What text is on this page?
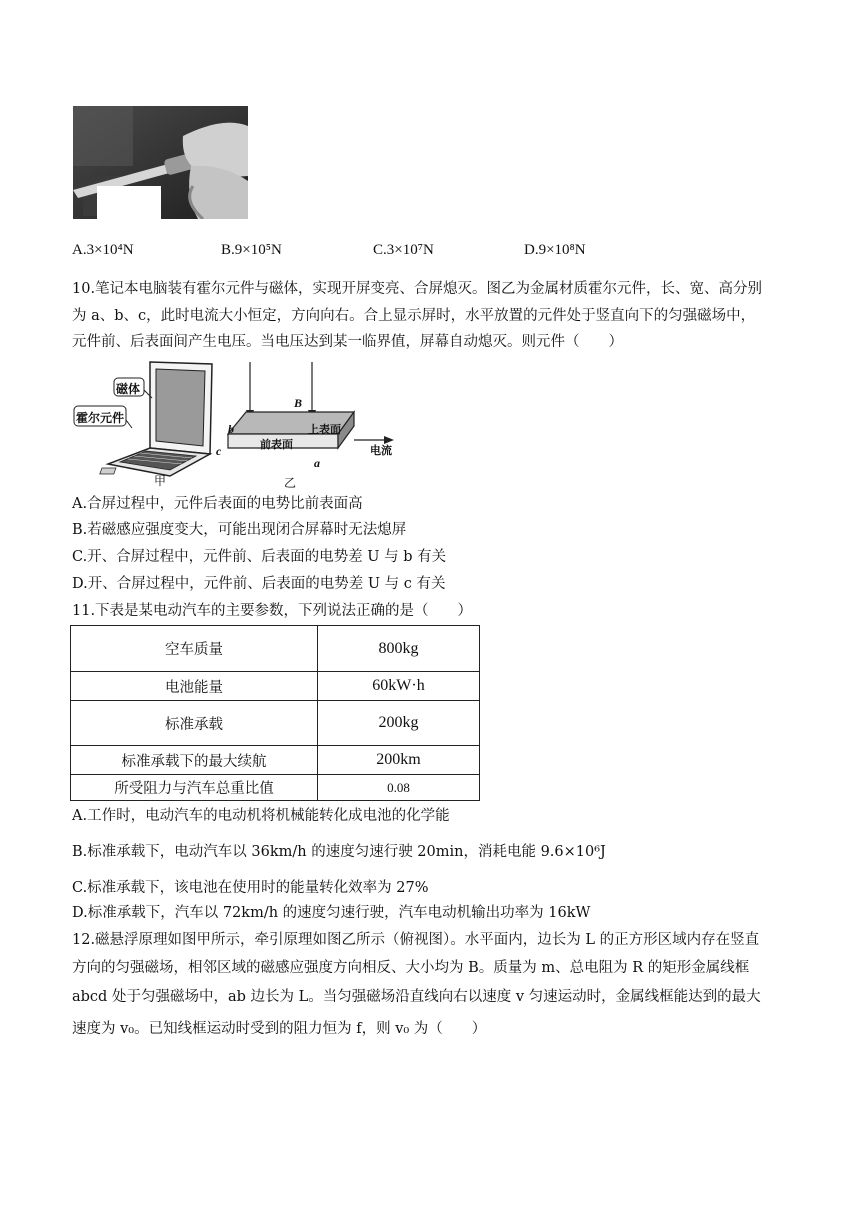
A.3×10⁴N	B.9×10⁵N	C.3×10⁷N	D.9×10⁸N
10.笔记本电脑装有霍尔元件与磁体，实现开屏变亮、合屏熄灭。图乙为金属材质霍尔元件，长、宽、高分别
为 a、b、c，此时电流大小恒定，方向向右。合上显示屏时，水平放置的元件处于竖直向下的匀强磁场中，
元件前、后表面间产生电压。当电压达到某一临界值，屏幕自动熄灭。则元件（　　）
磁体
霍尔元件
甲
B
b
c
a
上表面
前表面	电流
乙
A.合屏过程中，元件后表面的电势比前表面高
B.若磁感应强度变大，可能出现闭合屏幕时无法熄屏
C.开、合屏过程中，元件前、后表面的电势差 U 与 b 有关
D.开、合屏过程中，元件前、后表面的电势差 U 与 c 有关
11.下表是某电动汽车的主要参数，下列说法正确的是（　　）
空车质量	800kg
电池能量	60kW·h
标准承载	200kg
标准承载下的最大续航	200km
所受阻力与汽车总重比值	0.08
A.工作时，电动汽车的电动机将机械能转化成电池的化学能
B.标准承载下，电动汽车以 36km/h 的速度匀速行驶 20min，消耗电能 9.6×10⁶J
C.标准承载下，该电池在使用时的能量转化效率为 27%
D.标准承载下，汽车以 72km/h 的速度匀速行驶，汽车电动机输出功率为 16kW
12.磁悬浮原理如图甲所示，牵引原理如图乙所示（俯视图）。水平面内，边长为 L 的正方形区域内存在竖直
方向的匀强磁场，相邻区域的磁感应强度方向相反、大小均为 B。质量为 m、总电阻为 R 的矩形金属线框
abcd 处于匀强磁场中，ab 边长为 L。当匀强磁场沿直线向右以速度 v 匀速运动时，金属线框能达到的最大
速度为 v₀。已知线框运动时受到的阻力恒为 f，则 v₀ 为（　　）
